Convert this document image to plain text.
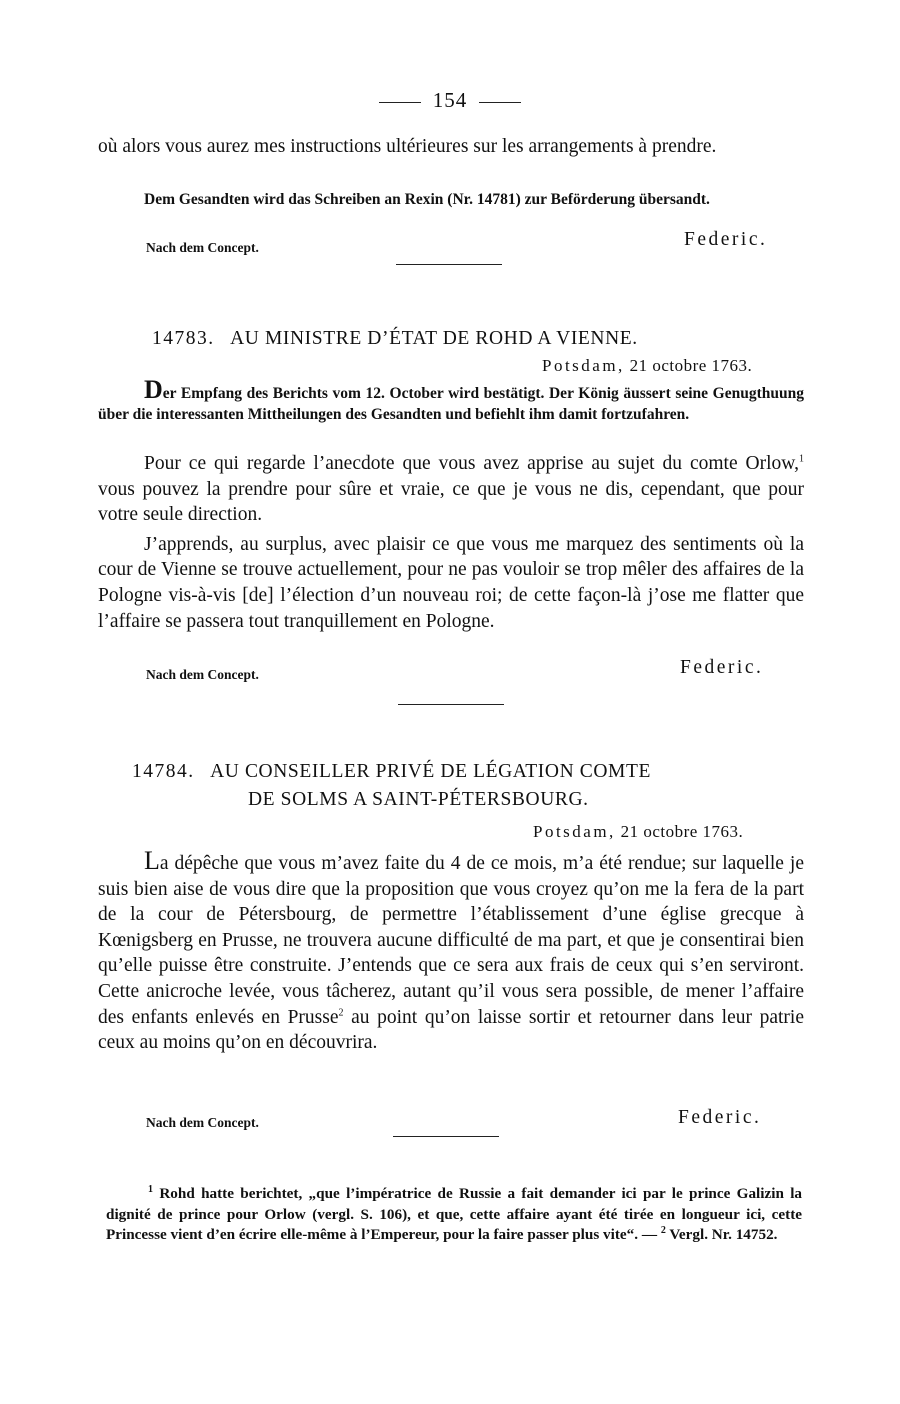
154

où alors vous aurez mes instructions ultérieures sur les arrangements à prendre.

Dem Gesandten wird das Schreiben an Rexin (Nr. 14781) zur Beförderung übersandt.

Nach dem Concept.	Federic.
14783. AU MINISTRE D’ÉTAT DE ROHD A VIENNE.
Potsdam, 21 octobre 1763.

Der Empfang des Berichts vom 12. October wird bestätigt. Der König äussert seine Genugthuung über die interessanten Mittheilungen des Gesandten und befiehlt ihm damit fortzufahren.

Pour ce qui regarde l’anecdote que vous avez apprise au sujet du comte Orlow,$^1$ vous pouvez la prendre pour sûre et vraie, ce que je vous ne dis, cependant, que pour votre seule direction.

J’apprends, au surplus, avec plaisir ce que vous me marquez des sentiments où la cour de Vienne se trouve actuellement, pour ne pas vouloir se trop mêler des affaires de la Pologne vis-à-vis [de] l’élection d’un nouveau roi; de cette façon-là j’ose me flatter que l’affaire se passera tout tranquillement en Pologne.

Nach dem Concept.	Federic.
14784. AU CONSEILLER PRIVÉ DE LÉGATION COMTE
DE SOLMS A SAINT-PÉTERSBOURG.
Potsdam, 21 octobre 1763.

La dépêche que vous m’avez faite du 4 de ce mois, m’a été rendue; sur laquelle je suis bien aise de vous dire que la proposition que vous croyez qu’on me la fera de la part de la cour de Pétersbourg, de permettre l’établissement d’une église grecque à Kœnigsberg en Prusse, ne trouvera aucune difficulté de ma part, et que je consentirai bien qu’elle puisse être construite. J’entends que ce sera aux frais de ceux qui s’en serviront. Cette anicroche levée, vous tâcherez, autant qu’il vous sera possible, de mener l’affaire des enfants enlevés en Prusse$^2$ au point qu’on laisse sortir et retourner dans leur patrie ceux au moins qu’on en découvrira.

Nach dem Concept.	Federic.

$^1$ Rohd hatte berichtet, „que l’impératrice de Russie a fait demander ici par le prince Galizin la dignité de prince pour Orlow (vergl. S. 106), et que, cette affaire ayant été tirée en longueur ici, cette Princesse vient d’en écrire elle-même à l’Empereur, pour la faire passer plus vite“. — $^2$ Vergl. Nr. 14752.
